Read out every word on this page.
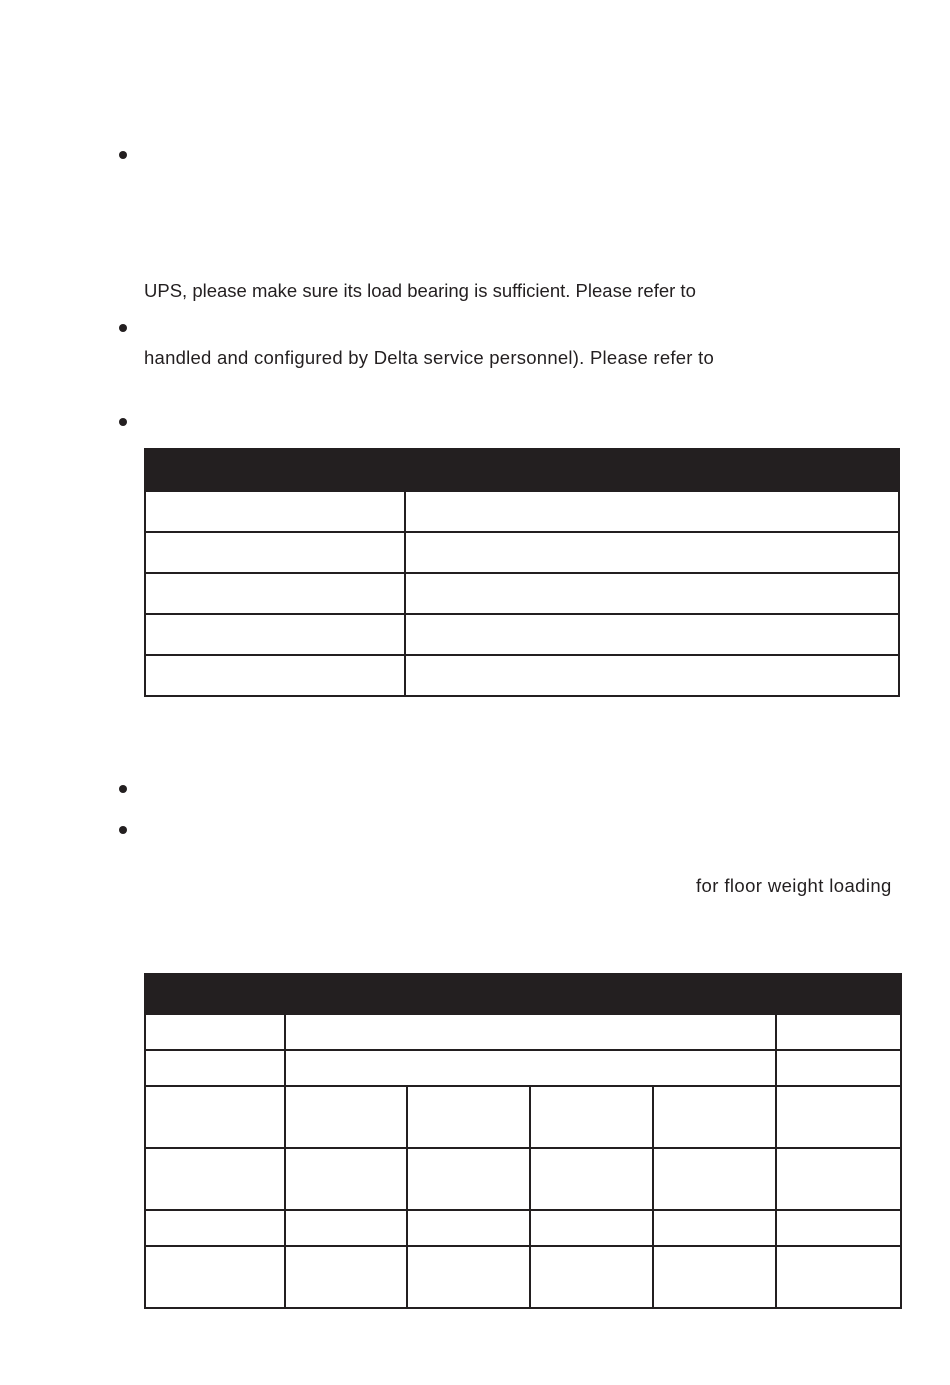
UPS, please make sure its load bearing is sufficient. Please refer to
handled and configured by Delta service personnel). Please refer to
for floor weight loading
